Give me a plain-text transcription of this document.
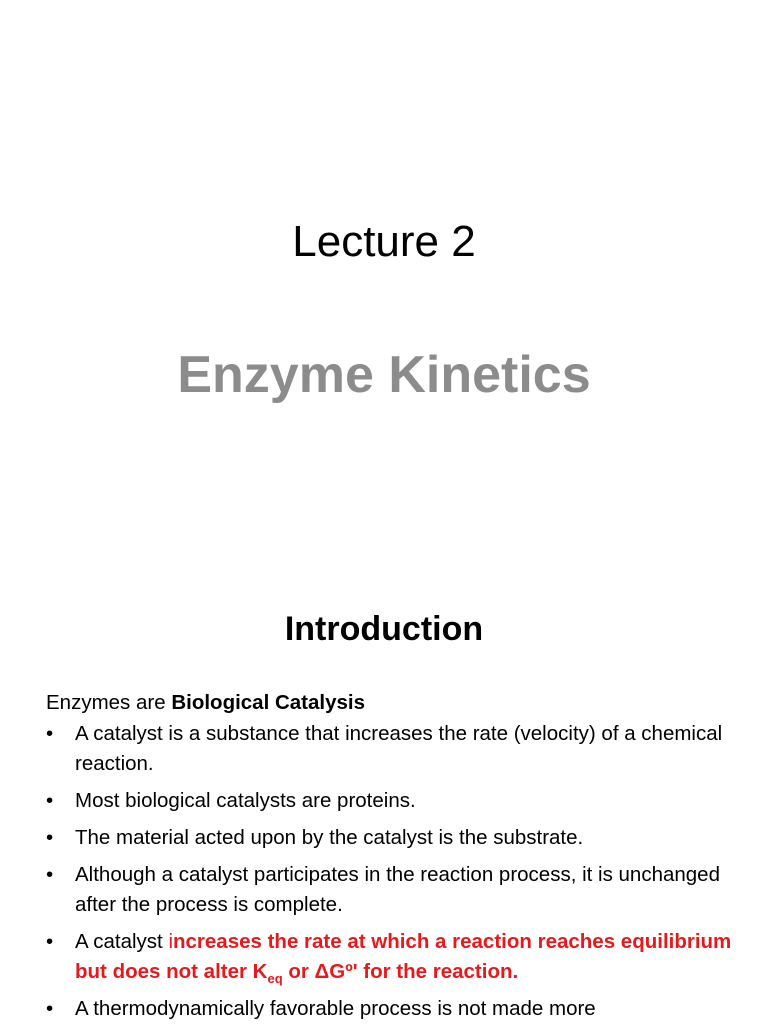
Lecture 2
Enzyme Kinetics
Introduction

Enzymes are Biological Catalysis

• A catalyst is a substance that increases the rate (velocity) of a chemical reaction.
• Most biological catalysts are proteins.
• The material acted upon by the catalyst is the substrate.
• Although a catalyst participates in the reaction process, it is unchanged after the process is complete.
• A catalyst increases the rate at which a reaction reaches equilibrium but does not alter $K_{eq}$ or ΔGº' for the reaction.
• A thermodynamically favorable process is not made more
